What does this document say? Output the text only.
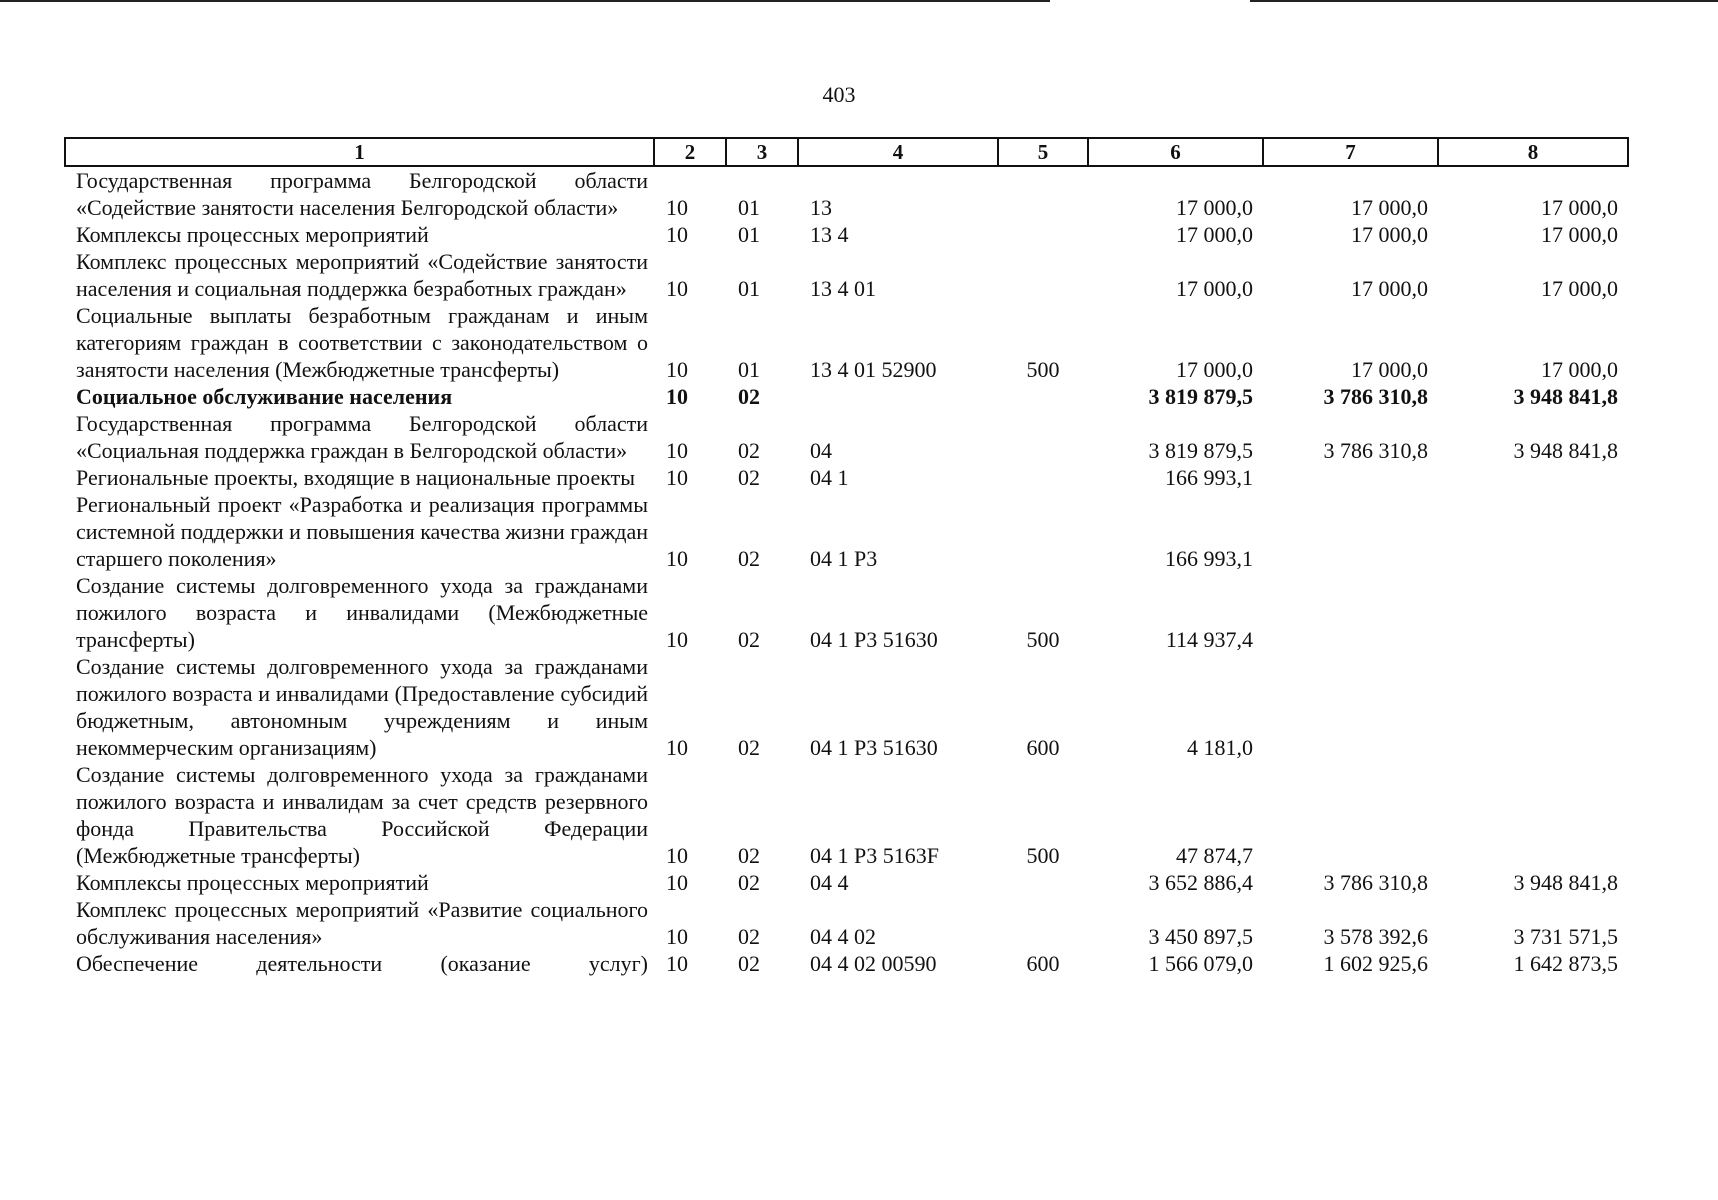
403
1	2	3	4	5	6	7	8
Государственная программа Белгородской области «Содействие занятости населения Белгородской области»	10	01	13		17 000,0	17 000,0	17 000,0
Комплексы процессных мероприятий	10	01	13 4		17 000,0	17 000,0	17 000,0
Комплекс процессных мероприятий «Содействие занятости населения и социальная поддержка безработных граждан»	10	01	13 4 01		17 000,0	17 000,0	17 000,0
Социальные выплаты безработным гражданам и иным категориям граждан в соответствии с законодательством о занятости населения (Межбюджетные трансферты)	10	01	13 4 01 52900	500	17 000,0	17 000,0	17 000,0
Социальное обслуживание населения	10	02			3 819 879,5	3 786 310,8	3 948 841,8
Государственная программа Белгородской области «Социальная поддержка граждан в Белгородской области»	10	02	04		3 819 879,5	3 786 310,8	3 948 841,8
Региональные проекты, входящие в национальные проекты	10	02	04 1		166 993,1		
Региональный проект «Разработка и реализация программы системной поддержки и повышения качества жизни граждан старшего поколения»	10	02	04 1 Р3		166 993,1		
Создание системы долговременного ухода за гражданами пожилого возраста и инвалидами (Межбюджетные трансферты)	10	02	04 1 Р3 51630	500	114 937,4		
Создание системы долговременного ухода за гражданами пожилого возраста и инвалидами (Предоставление субсидий бюджетным, автономным учреждениям и иным некоммерческим организациям)	10	02	04 1 Р3 51630	600	4 181,0		
Создание системы долговременного ухода за гражданами пожилого возраста и инвалидам за счет средств резервного фонда Правительства Российской Федерации (Межбюджетные трансферты)	10	02	04 1 Р3 5163F	500	47 874,7		
Комплексы процессных мероприятий	10	02	04 4		3 652 886,4	3 786 310,8	3 948 841,8
Комплекс процессных мероприятий «Развитие социального обслуживания населения»	10	02	04 4 02		3 450 897,5	3 578 392,6	3 731 571,5
Обеспечение деятельности (оказание услуг)	10	02	04 4 02 00590	600	1 566 079,0	1 602 925,6	1 642 873,5
